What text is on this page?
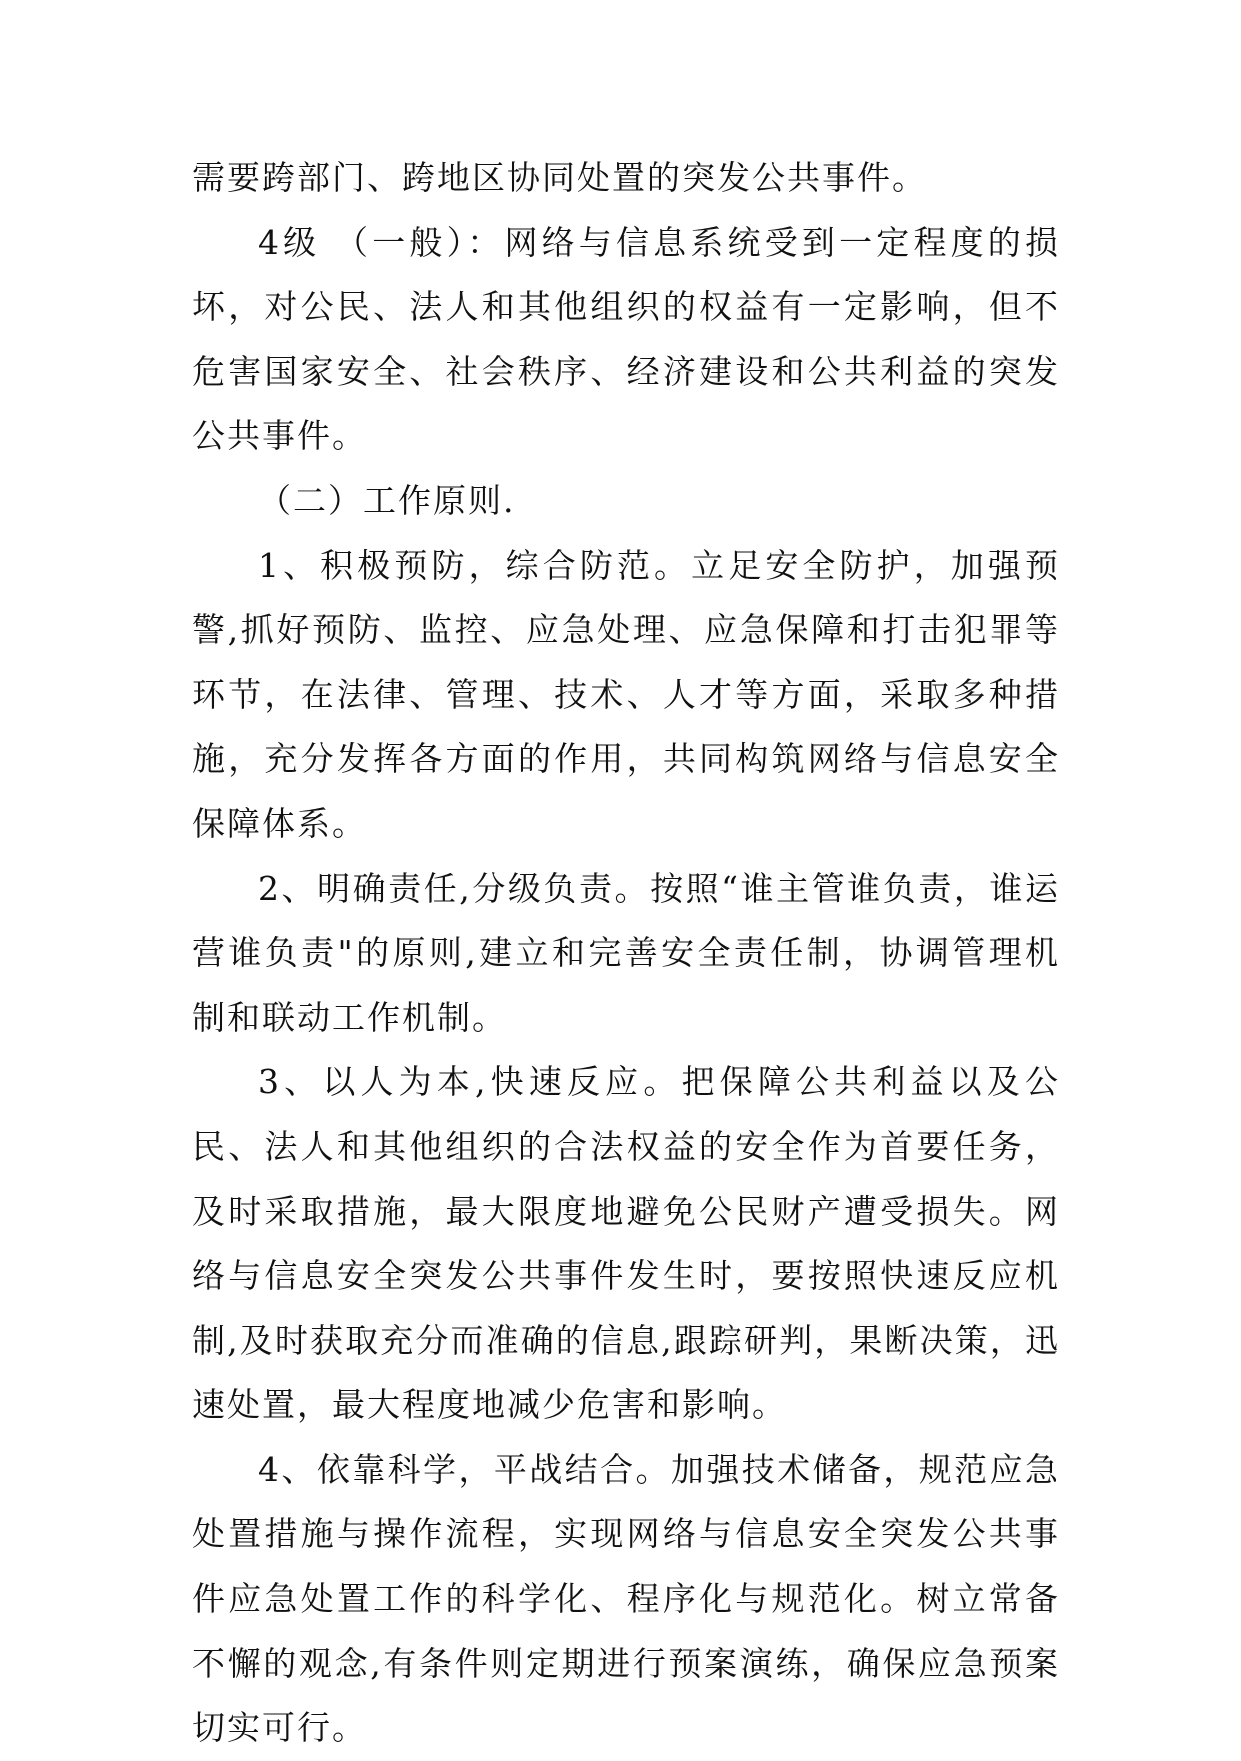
需要跨部门、跨地区协同处置的突发公共事件。

4级 （一般）：网络与信息系统受到一定程度的损坏，对公民、法人和其他组织的权益有一定影响，但不危害国家安全、社会秩序、经济建设和公共利益的突发公共事件。

（二）工作原则.

1、积极预防，综合防范。立足安全防护，加强预警,抓好预防、监控、应急处理、应急保障和打击犯罪等环节，在法律、管理、技术、人才等方面，采取多种措施，充分发挥各方面的作用，共同构筑网络与信息安全保障体系。

2、明确责任,分级负责。按照“谁主管谁负责，谁运营谁负责"的原则,建立和完善安全责任制，协调管理机制和联动工作机制。

3、以人为本,快速反应。把保障公共利益以及公民、法人和其他组织的合法权益的安全作为首要任务，及时采取措施，最大限度地避免公民财产遭受损失。网络与信息安全突发公共事件发生时，要按照快速反应机制,及时获取充分而准确的信息,跟踪研判，果断决策，迅速处置，最大程度地减少危害和影响。

4、依靠科学，平战结合。加强技术储备，规范应急处置措施与操作流程，实现网络与信息安全突发公共事件应急处置工作的科学化、程序化与规范化。树立常备不懈的观念,有条件则定期进行预案演练，确保应急预案切实可行。
